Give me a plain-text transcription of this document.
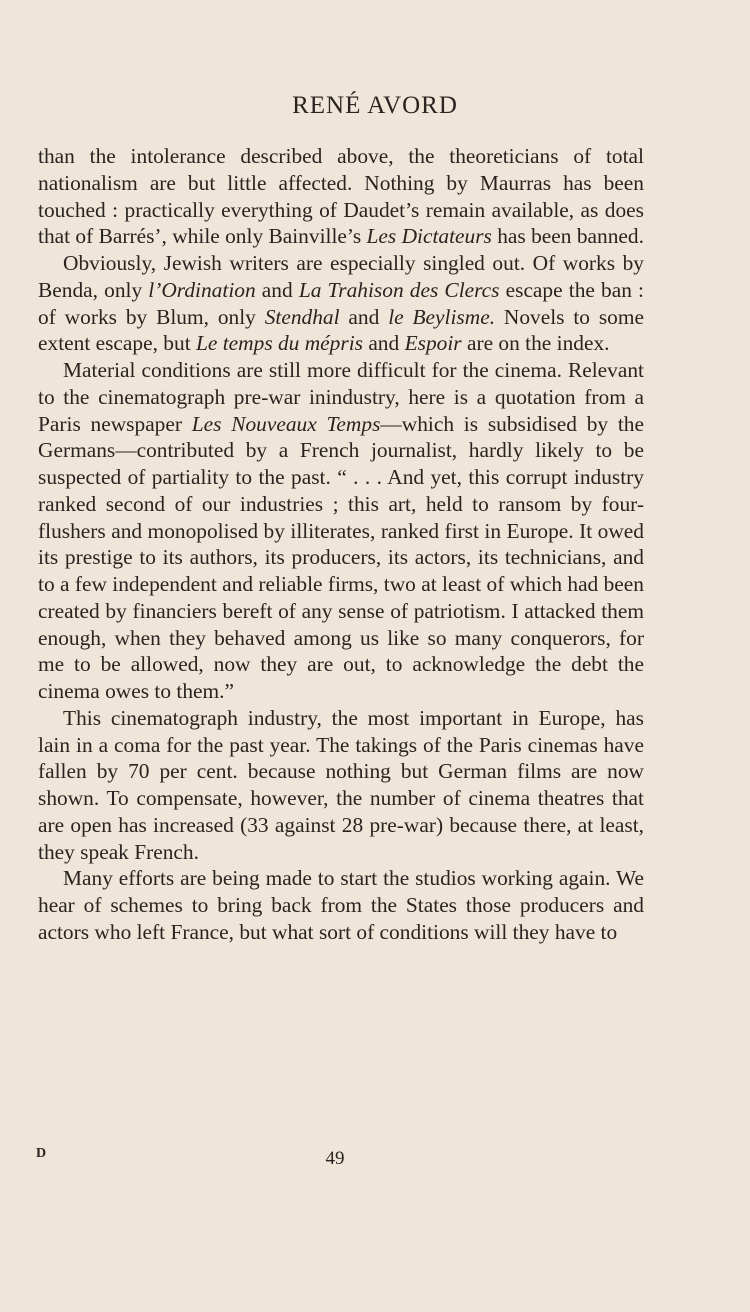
RENÉ AVORD

than the intolerance described above, the theoreticians of total nationalism are but little affected. Nothing by Maurras has been touched : practically everything of Daudet’s remain available, as does that of Barrés’, while only Bainville’s Les Dictateurs has been banned.

Obviously, Jewish writers are especially singled out. Of works by Benda, only l’Ordination and La Trahison des Clercs escape the ban : of works by Blum, only Stendhal and le Beylisme. Novels to some extent escape, but Le temps du mépris and Espoir are on the index.

Material conditions are still more difficult for the cinema. Relevant to the cinematograph pre-war inindustry, here is a quotation from a Paris newspaper Les Nouveaux Temps—which is subsidised by the Germans—contributed by a French journalist, hardly likely to be suspected of partiality to the past. “ . . . And yet, this corrupt industry ranked second of our industries ; this art, held to ransom by four-flushers and monopolised by illiterates, ranked first in Europe. It owed its prestige to its authors, its producers, its actors, its technicians, and to a few independent and reliable firms, two at least of which had been created by financiers bereft of any sense of patriotism. I attacked them enough, when they behaved among us like so many conquerors, for me to be allowed, now they are out, to acknowledge the debt the cinema owes to them.”

This cinematograph industry, the most important in Europe, has lain in a coma for the past year. The takings of the Paris cinemas have fallen by 70 per cent. because nothing but German films are now shown. To compensate, however, the number of cinema theatres that are open has increased (33 against 28 pre-war) because there, at least, they speak French.

Many efforts are being made to start the studios working again. We hear of schemes to bring back from the States those producers and actors who left France, but what sort of conditions will they have to

D	49
